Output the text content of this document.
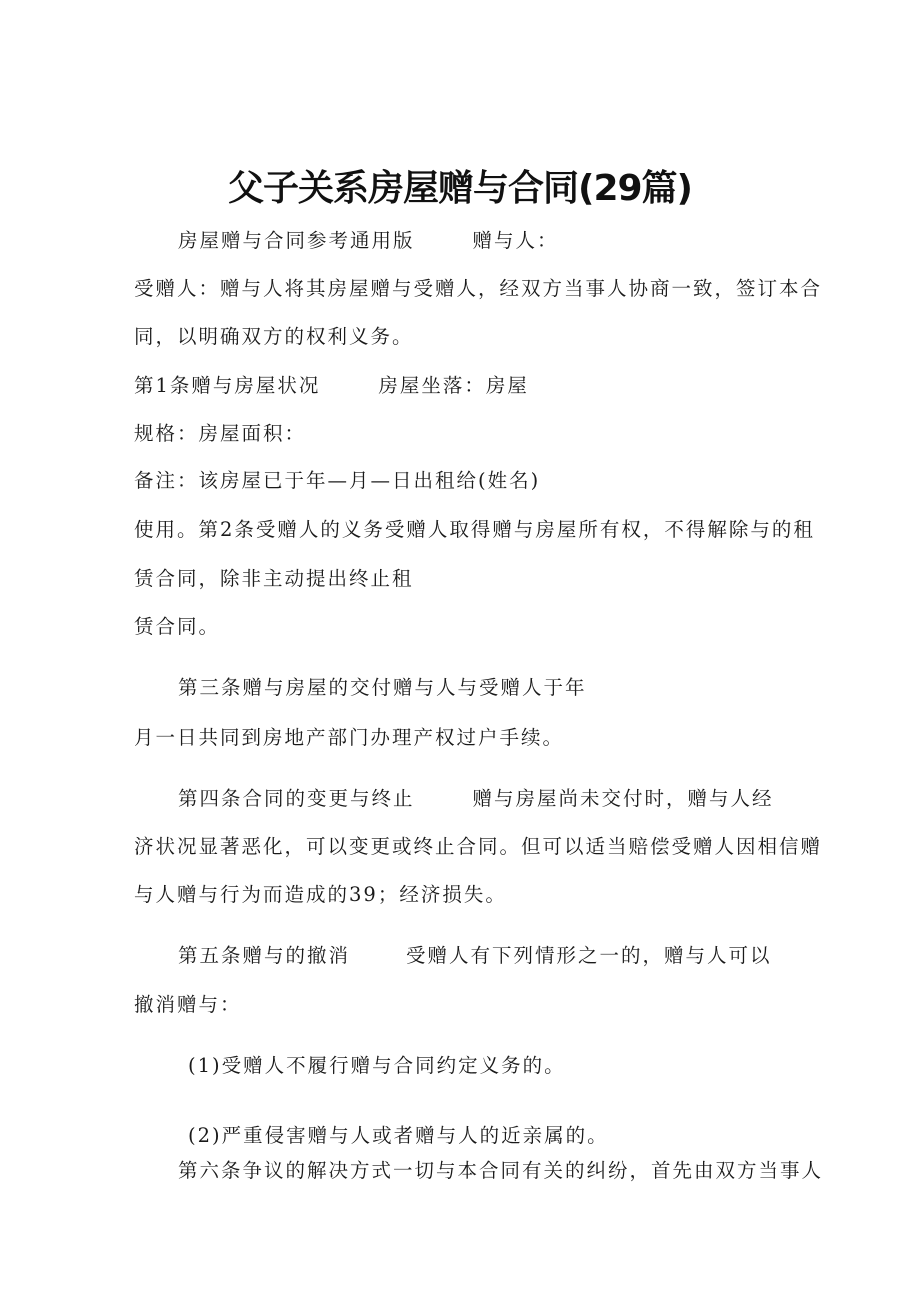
父子关系房屋赠与合同(29篇)
房屋赠与合同参考通用版	赠与人：
受赠人：赠与人将其房屋赠与受赠人，经双方当事人协商一致，签订本合
同，以明确双方的权利义务。
第1条赠与房屋状况	房屋坐落：房屋
规格：房屋面积：
备注：该房屋已于年—月—日出租给(姓名)
使用。第2条受赠人的义务受赠人取得赠与房屋所有权，不得解除与的租
赁合同，除非主动提出终止租
赁合同。
第三条赠与房屋的交付赠与人与受赠人于年
月一日共同到房地产部门办理产权过户手续。
第四条合同的变更与终止	赠与房屋尚未交付时，赠与人经
济状况显著恶化，可以变更或终止合同。但可以适当赔偿受赠人因相信赠
与人赠与行为而造成的39；经济损失。
第五条赠与的撤消	受赠人有下列情形之一的，赠与人可以
撤消赠与：
(1)受赠人不履行赠与合同约定义务的。
(2)严重侵害赠与人或者赠与人的近亲属的。
第六条争议的解决方式一切与本合同有关的纠纷，首先由双方当事人
